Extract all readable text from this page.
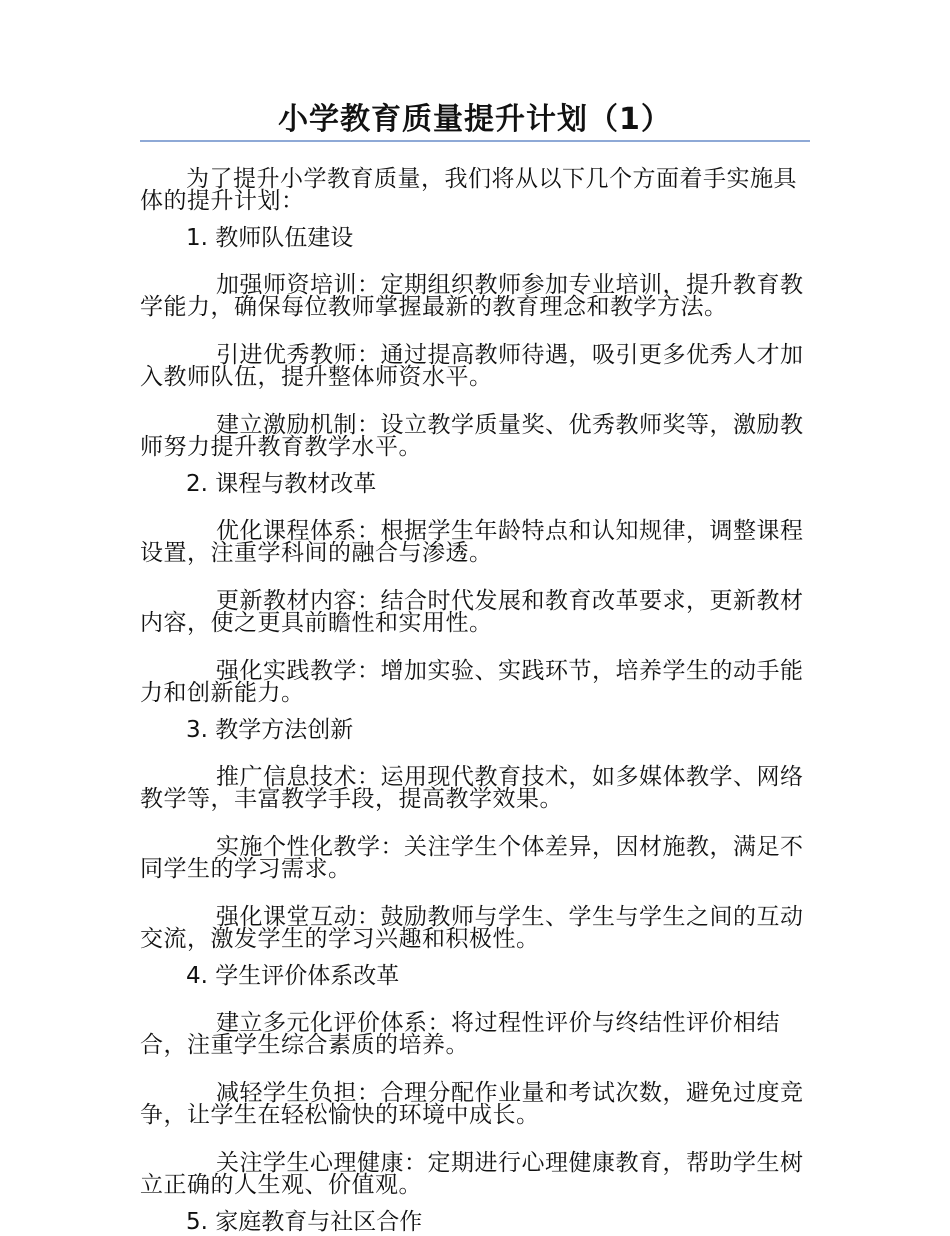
小学教育质量提升计划（1）

为了提升小学教育质量，我们将从以下几个方面着手实施具体的提升计划：

1. 教师队伍建设

加强师资培训：定期组织教师参加专业培训，提升教育教学能力，确保每位教师掌握最新的教育理念和教学方法。

引进优秀教师：通过提高教师待遇，吸引更多优秀人才加入教师队伍，提升整体师资水平。

建立激励机制：设立教学质量奖、优秀教师奖等，激励教师努力提升教育教学水平。

2. 课程与教材改革

优化课程体系：根据学生年龄特点和认知规律，调整课程设置，注重学科间的融合与渗透。

更新教材内容：结合时代发展和教育改革要求，更新教材内容，使之更具前瞻性和实用性。

强化实践教学：增加实验、实践环节，培养学生的动手能力和创新能力。

3. 教学方法创新

推广信息技术：运用现代教育技术，如多媒体教学、网络教学等，丰富教学手段，提高教学效果。

实施个性化教学：关注学生个体差异，因材施教，满足不同学生的学习需求。

强化课堂互动：鼓励教师与学生、学生与学生之间的互动交流，激发学生的学习兴趣和积极性。

4. 学生评价体系改革

建立多元化评价体系：将过程性评价与终结性评价相结合，注重学生综合素质的培养。

减轻学生负担：合理分配作业量和考试次数，避免过度竞争，让学生在轻松愉快的环境中成长。

关注学生心理健康：定期进行心理健康教育，帮助学生树立正确的人生观、价值观。

5. 家庭教育与社区合作
